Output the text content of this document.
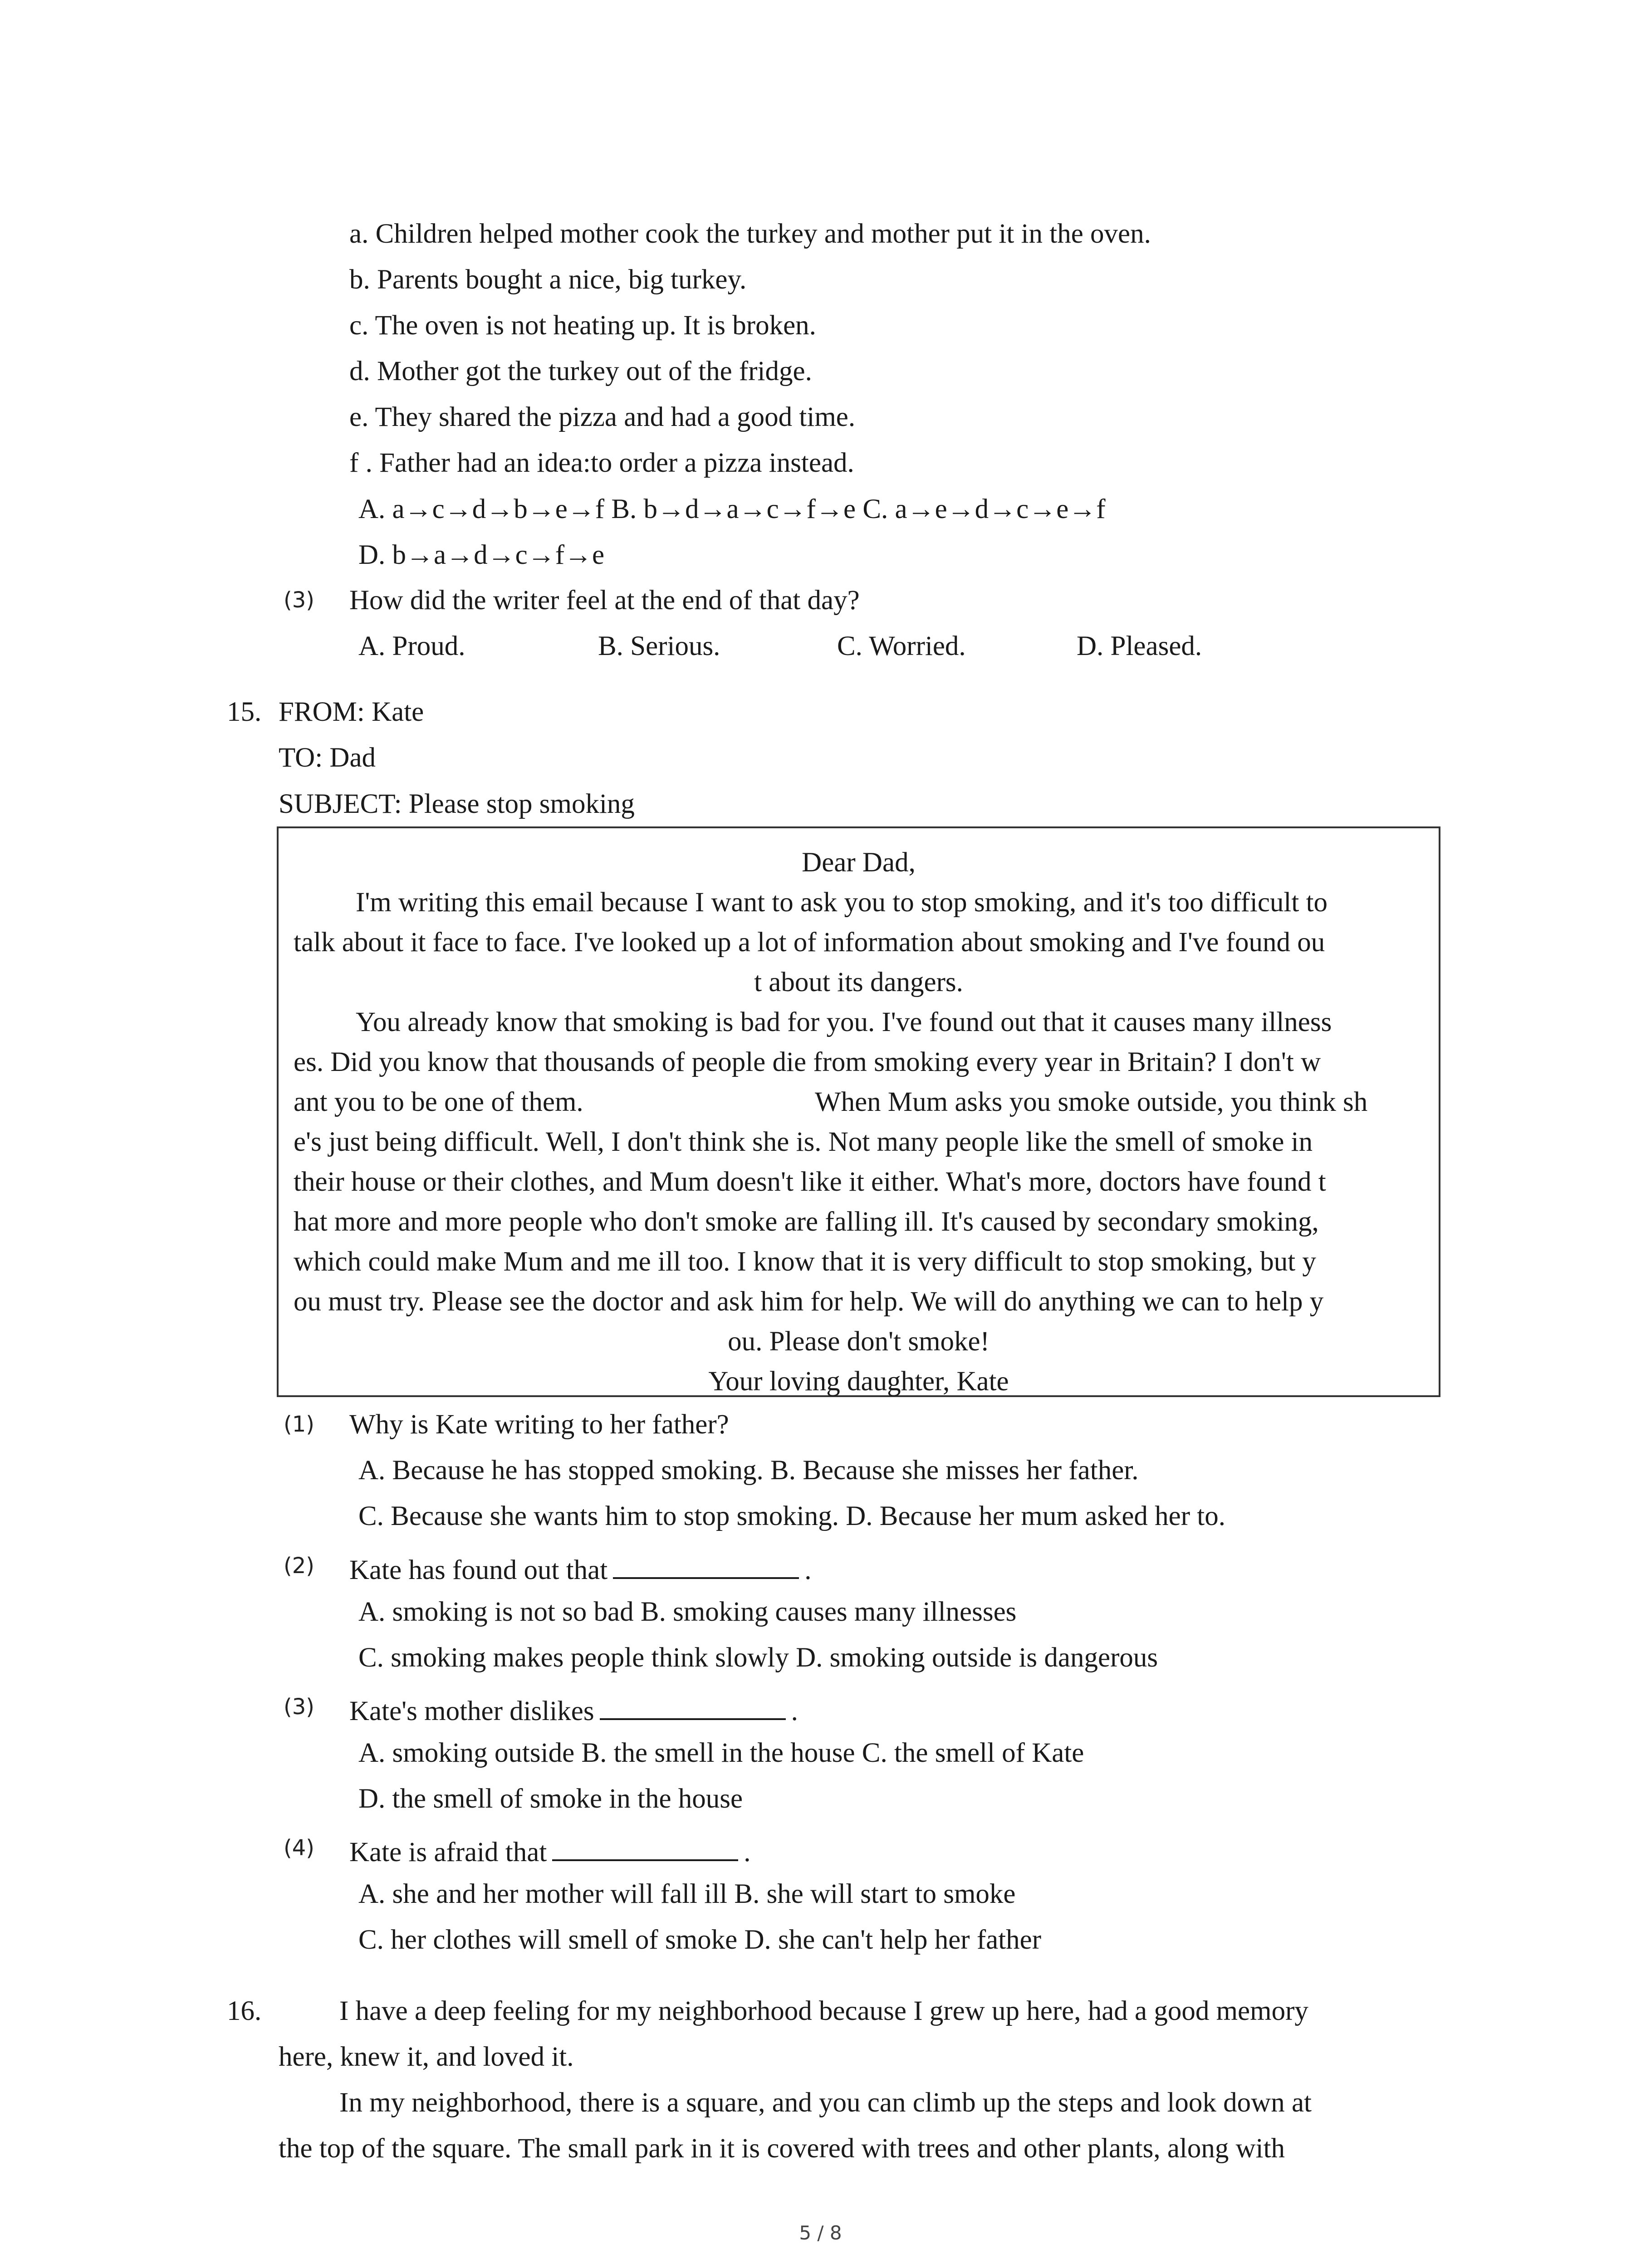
a. Children helped mother cook the turkey and mother put it in the oven.
b. Parents bought a nice, big turkey.
c. The oven is not heating up. It is broken.
d. Mother got the turkey out of the fridge.
e. They shared the pizza and had a good time.
f . Father had an idea:to order a pizza instead.
A. a→c→d→b→e→f B. b→d→a→c→f→e C. a→e→d→c→e→f
D. b→a→d→c→f→e
(3) How did the writer feel at the end of that day?
A. Proud.	B. Serious.	C. Worried.	D. Pleased.
15. FROM: Kate
TO: Dad
SUBJECT: Please stop smoking
Dear Dad,
I'm writing this email because I want to ask you to stop smoking, and it's too difficult to
talk about it face to face. I've looked up a lot of information about smoking and I've found ou
t about its dangers.
You already know that smoking is bad for you. I've found out that it causes many illness
es. Did you know that thousands of people die from smoking every year in Britain? I don't w
ant you to be one of them.	When Mum asks you smoke outside, you think sh
e's just being difficult. Well, I don't think she is. Not many people like the smell of smoke in
their house or their clothes, and Mum doesn't like it either. What's more, doctors have found t
hat more and more people who don't smoke are falling ill. It's caused by secondary smoking,
which could make Mum and me ill too. I know that it is very difficult to stop smoking, but y
ou must try. Please see the doctor and ask him for help. We will do anything we can to help y
ou. Please don't smoke!
Your loving daughter, Kate
(1) Why is Kate writing to her father?
A. Because he has stopped smoking. B. Because she misses her father.
C. Because she wants him to stop smoking. D. Because her mum asked her to.
(2) Kate has found out that	.
A. smoking is not so bad B. smoking causes many illnesses
C. smoking makes people think slowly D. smoking outside is dangerous
(3) Kate's mother dislikes	.
A. smoking outside B. the smell in the house C. the smell of Kate
D. the smell of smoke in the house
(4) Kate is afraid that	.
A. she and her mother will fall ill B. she will start to smoke
C. her clothes will smell of smoke D. she can't help her father
16.	I have a deep feeling for my neighborhood because I grew up here, had a good memory
here, knew it, and loved it.
In my neighborhood, there is a square, and you can climb up the steps and look down at
the top of the square. The small park in it is covered with trees and other plants, along with
5 / 8
